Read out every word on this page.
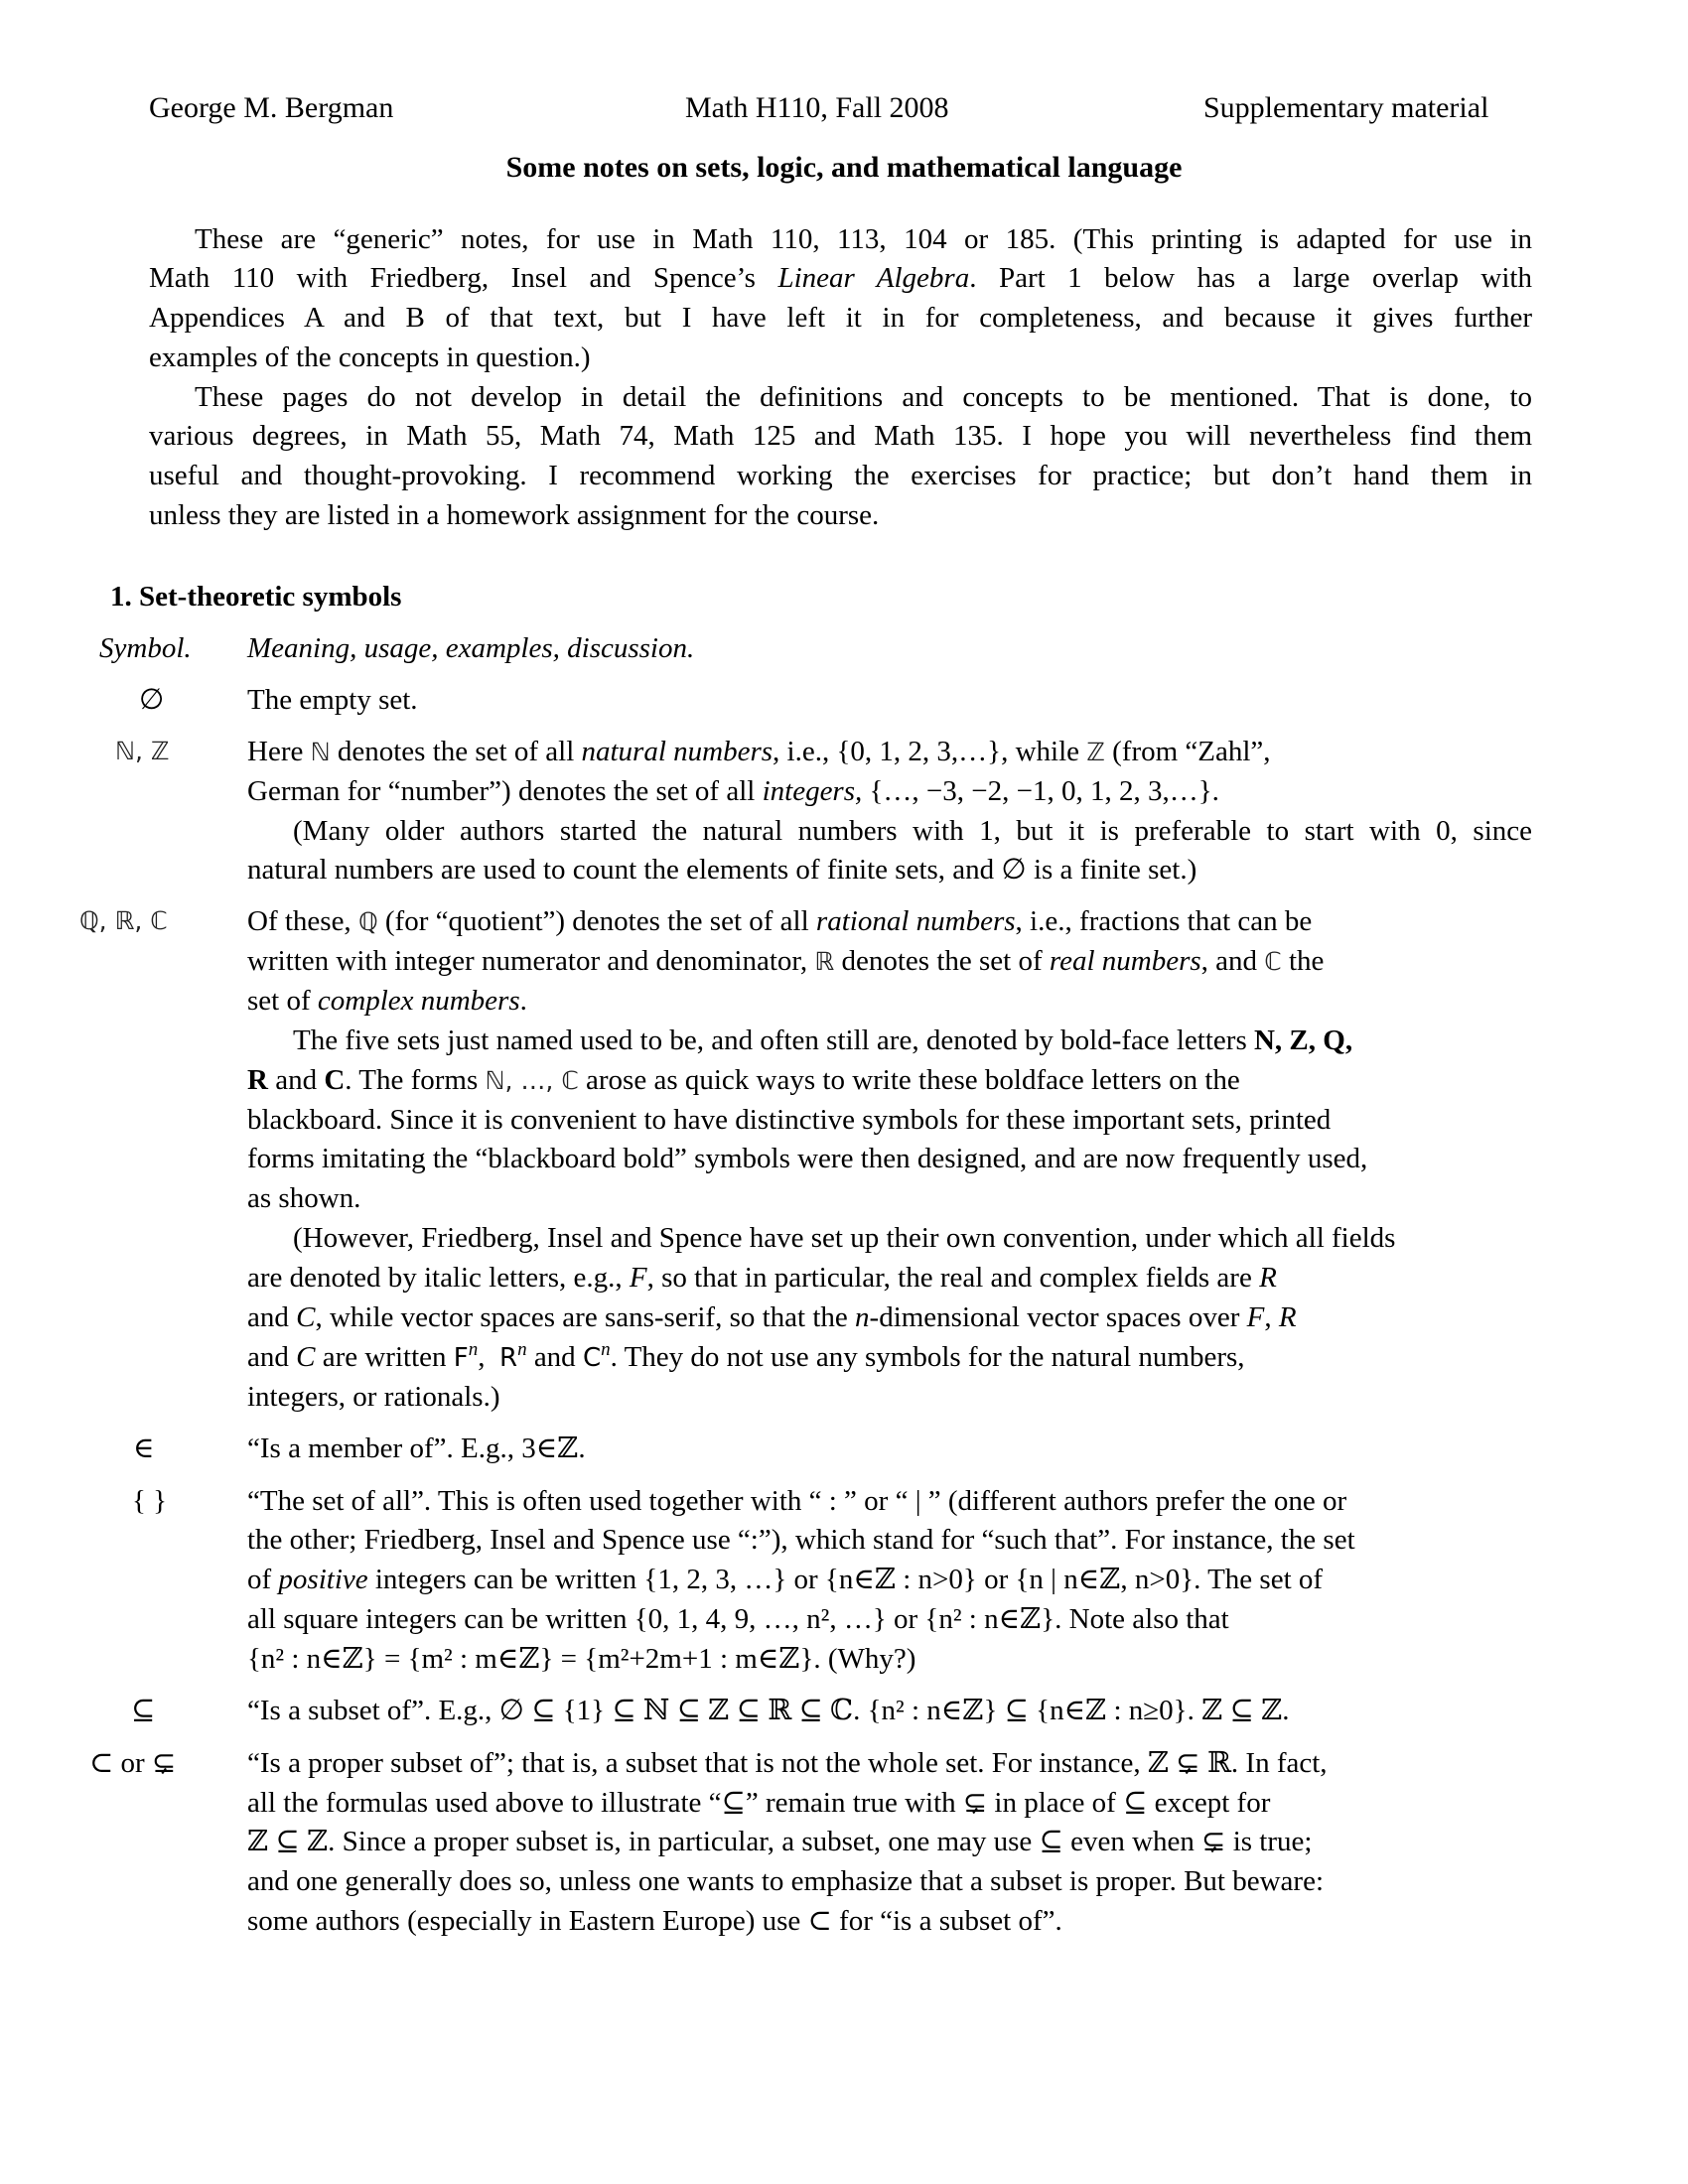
George M. Bergman	Math H110, Fall 2008	Supplementary material
Some notes on sets, logic, and mathematical language
These are “generic” notes, for use in Math 110, 113, 104 or 185. (This printing is adapted for use in
Math 110 with Friedberg, Insel and Spence’s Linear Algebra. Part 1 below has a large overlap with
Appendices A and B of that text, but I have left it in for completeness, and because it gives further
examples of the concepts in question.)
These pages do not develop in detail the definitions and concepts to be mentioned. That is done, to
various degrees, in Math 55, Math 74, Math 125 and Math 135. I hope you will nevertheless find them
useful and thought-provoking. I recommend working the exercises for practice; but don’t hand them in
unless they are listed in a homework assignment for the course.
1. Set-theoretic symbols
Symbol. Meaning, usage, examples, discussion.
∅	The empty set.
ℕ, ℤ	Here ℕ denotes the set of all natural numbers, i.e., {0, 1, 2, 3,…}, while ℤ (from “Zahl”,
German for “number”) denotes the set of all integers, {…, −3, −2, −1, 0, 1, 2, 3,…}.
(Many older authors started the natural numbers with 1, but it is preferable to start with 0, since
natural numbers are used to count the elements of finite sets, and ∅ is a finite set.)
ℚ, ℝ, ℂ	Of these, ℚ (for “quotient”) denotes the set of all rational numbers, i.e., fractions that can be
written with integer numerator and denominator, ℝ denotes the set of real numbers, and ℂ the
set of complex numbers.
The five sets just named used to be, and often still are, denoted by bold-face letters N, Z, Q,
R and C. The forms ℕ, …, ℂ arose as quick ways to write these boldface letters on the
blackboard. Since it is convenient to have distinctive symbols for these important sets, printed
forms imitating the “blackboard bold” symbols were then designed, and are now frequently used,
as shown.
(However, Friedberg, Insel and Spence have set up their own convention, under which all fields
are denoted by italic letters, e.g., F, so that in particular, the real and complex fields are R
and C, while vector spaces are sans-serif, so that the n-dimensional vector spaces over F, R
and C are written $F^n$,  $R^n$ and $C^n$. They do not use any symbols for the natural numbers,
integers, or rationals.)
∈	“Is a member of”. E.g., 3∈ℤ.
{ }	“The set of all”. This is often used together with “ : ” or “ | ” (different authors prefer the one or
the other; Friedberg, Insel and Spence use “:”), which stand for “such that”. For instance, the set
of positive integers can be written {1, 2, 3, …} or {n∈ℤ : n>0} or {n | n∈ℤ, n>0}. The set of
all square integers can be written {0, 1, 4, 9, …, n², …} or {n² : n∈ℤ}. Note also that
{n² : n∈ℤ} = {m² : m∈ℤ} = {m²+2m+1 : m∈ℤ}. (Why?)
⊆	“Is a subset of”. E.g., ∅ ⊆ {1} ⊆ ℕ ⊆ ℤ ⊆ ℝ ⊆ ℂ. {n² : n∈ℤ} ⊆ {n∈ℤ : n≥0}. ℤ ⊆ ℤ.
⊂ or ⊊ “Is a proper subset of”; that is, a subset that is not the whole set. For instance, ℤ ⊊ ℝ. In fact,
all the formulas used above to illustrate “⊆” remain true with ⊊ in place of ⊆ except for
ℤ ⊆ ℤ. Since a proper subset is, in particular, a subset, one may use ⊆ even when ⊊ is true;
and one generally does so, unless one wants to emphasize that a subset is proper. But beware:
some authors (especially in Eastern Europe) use ⊂ for “is a subset of”.
